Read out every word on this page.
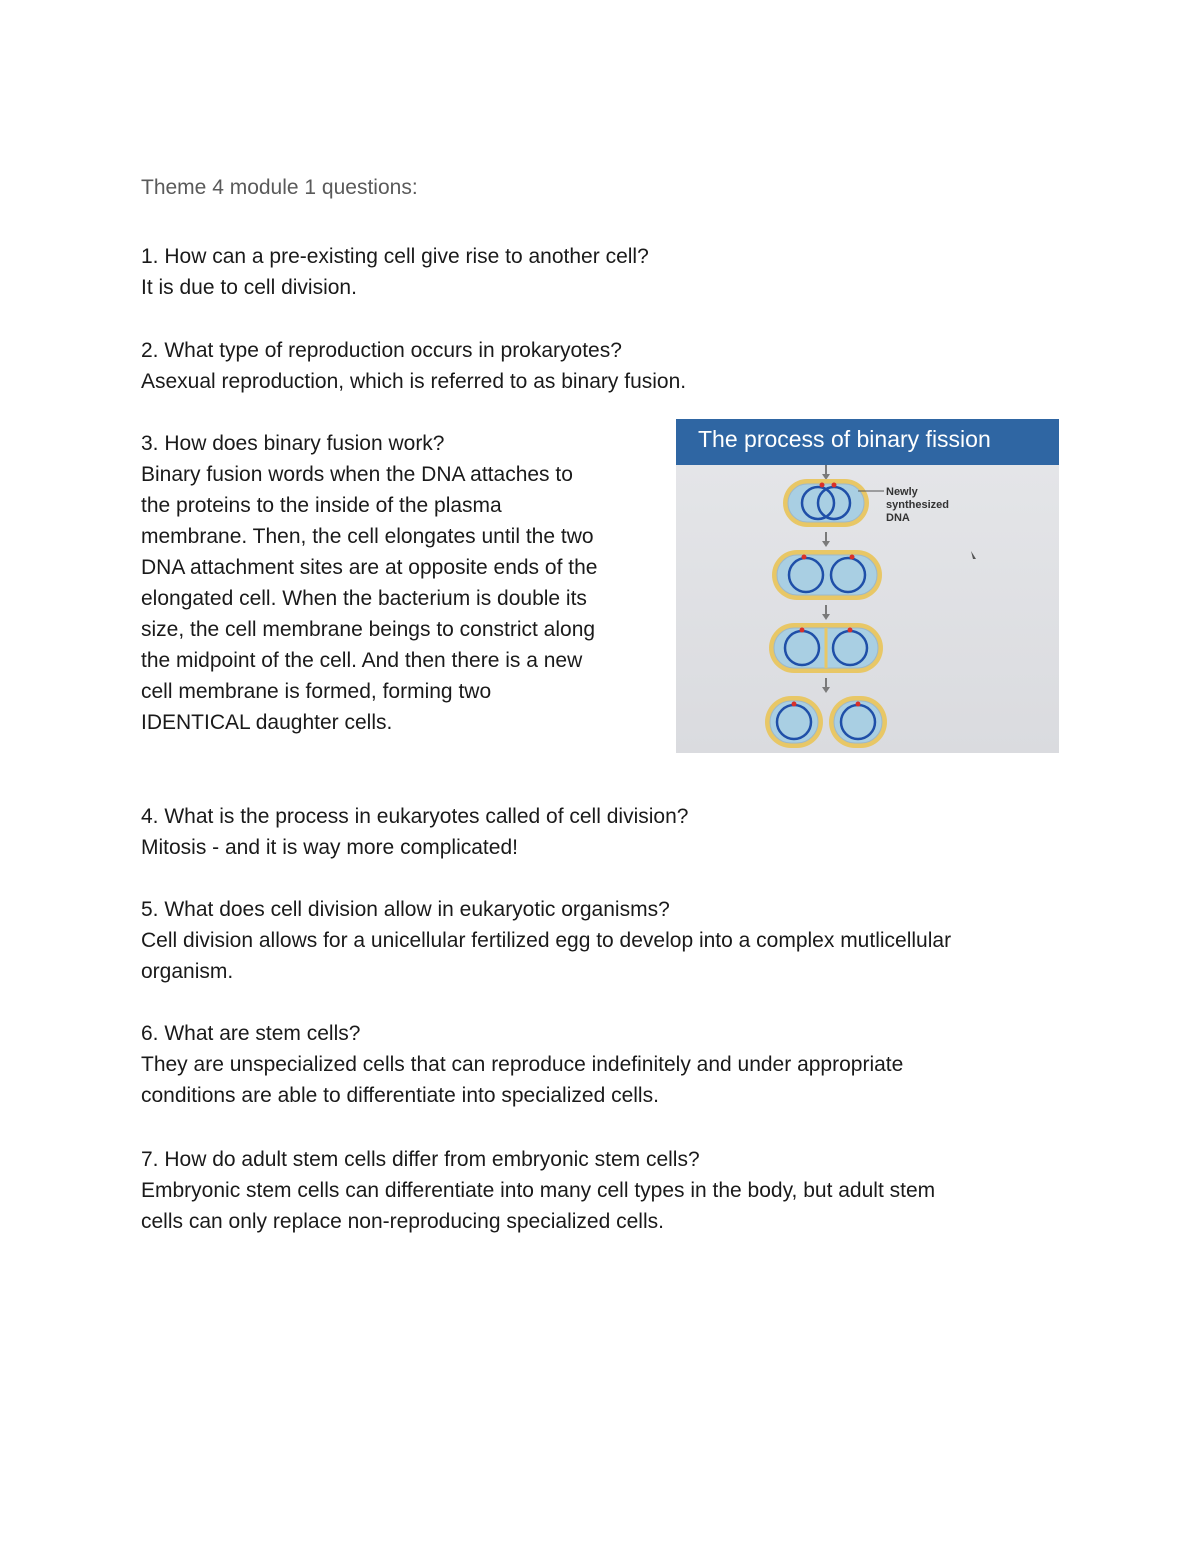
Theme 4 module 1 questions:

1. How can a pre-existing cell give rise to another cell?

It is due to cell division.

2. What type of reproduction occurs in prokaryotes?

Asexual reproduction, which is referred to as binary fusion.

3. How does binary fusion work?

Binary fusion words when the DNA attaches to

the proteins to the inside of the plasma

membrane. Then, the cell elongates until the two

DNA attachment sites are at opposite ends of the

elongated cell. When the bacterium is double its

size, the cell membrane beings to constrict along

the midpoint of the cell. And then there is a new

cell membrane is formed, forming two

IDENTICAL daughter cells.

4. What is the process in eukaryotes called of cell division?

Mitosis - and it is way more complicated!

5. What does cell division allow in eukaryotic organisms?

Cell division allows for a unicellular fertilized egg to develop into a complex mutlicellular

organism.

6. What are stem cells?

They are unspecialized cells that can reproduce indefinitely and under appropriate

conditions are able to differentiate into specialized cells.

7. How do adult stem cells differ from embryonic stem cells?

Embryonic stem cells can differentiate into many cell types in the body, but adult stem

cells can only replace non-reproducing specialized cells.

The process of binary fission
Newly
synthesized
DNA
